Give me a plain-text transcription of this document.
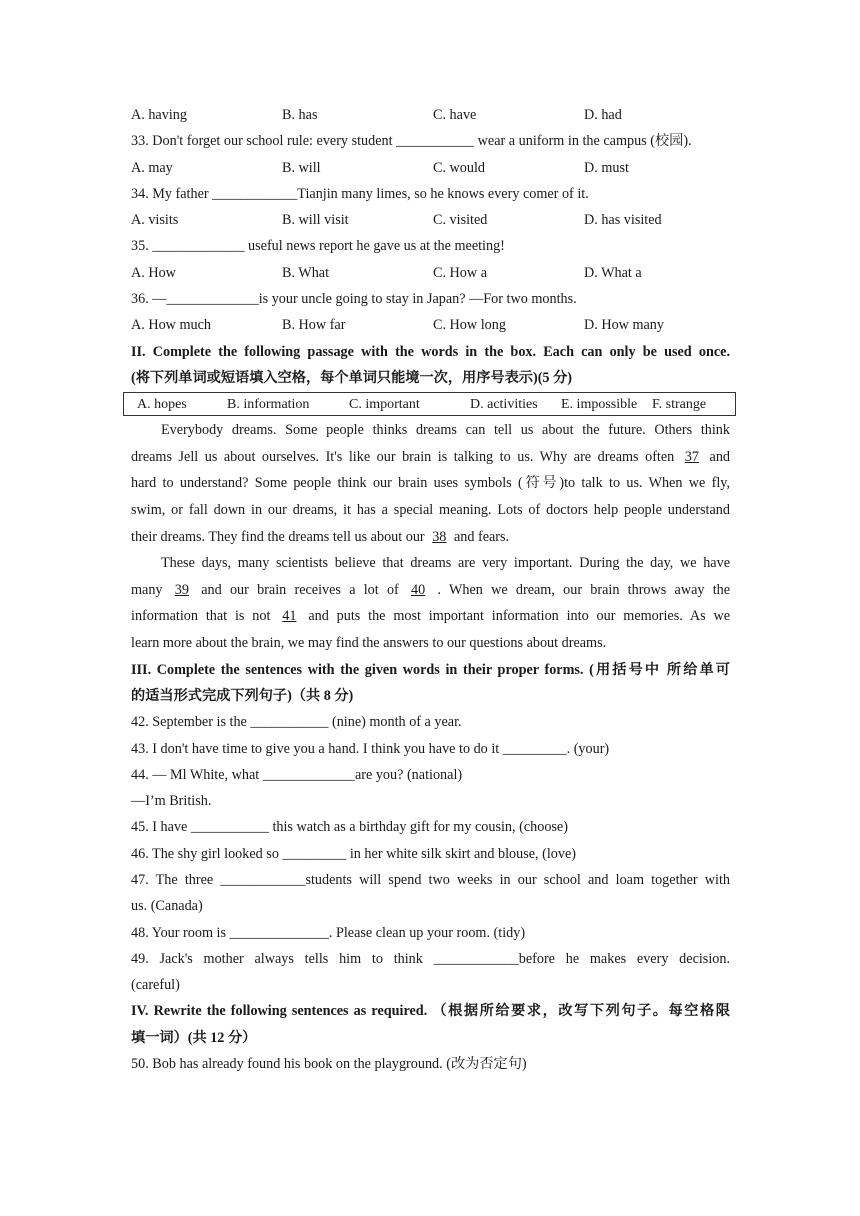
A. having	B. has	C. have	D. had
33. Don't forget our school rule: every student ___________ wear a uniform in the campus (校园).
A. may	B. will	C. would	D. must
34. My father ____________Tianjin many limes, so he knows every comer of it.
A. visits	B. will visit	C. visited	D. has visited
35. _____________ useful news report he gave us at the meeting!
A. How	B. What	C. How a	D. What a
36. —_____________is your uncle going to stay in Japan? —For two months.
A. How much	B. How far	C. How long	D. How many
II. Complete the following passage with the words in the box. Each can only be used once.
(将下列单词或短语填入空格，每个单词只能境一次，用序号表示)(5 分)
A. hopes	B. information	C. important	D. activities	E. impossible	F. strange
Everybody dreams. Some people thinks dreams can tell us about the future. Others think
dreams Jell us about ourselves. It's like our brain is talking to us. Why are dreams often 37 and
hard to understand? Some people think our brain uses symbols (符号)to talk to us. When we fly,
swim, or fall down in our dreams, it has a special meaning. Lots of doctors help people understand
their dreams. They find the dreams tell us about our 38 and fears.
These days, many scientists believe that dreams are very important. During the day, we have
many 39 and our brain receives a lot of 40 . When we dream, our brain throws away the
information that is not 41 and puts the most important information into our memories. As we
learn more about the brain, we may find the answers to our questions about dreams.
III. Complete the sentences with the given words in their proper forms. (用括号中 所给单可
的适当形式完成下列句子)（共 8 分)
42. September is the ___________ (nine) month of a year.
43. I don't have time to give you a hand. I think you have to do it _________. (your)
44. — Ml White, what _____________are you? (national)
—I’m British.
45. I have ___________ this watch as a birthday gift for my cousin, (choose)
46. The shy girl looked so _________ in her white silk skirt and blouse, (love)
47. The three ____________students will spend two weeks in our school and loam together with
us. (Canada)
48. Your room is ______________. Please clean up your room. (tidy)
49. Jack's mother always tells him to think ____________before he makes every decision.
(careful)
IV. Rewrite the following sentences as required. （根据所给要求，改写下列句子。每空格限
填一词）(共 12 分）
50. Bob has already found his book on the playground. (改为否定句)
